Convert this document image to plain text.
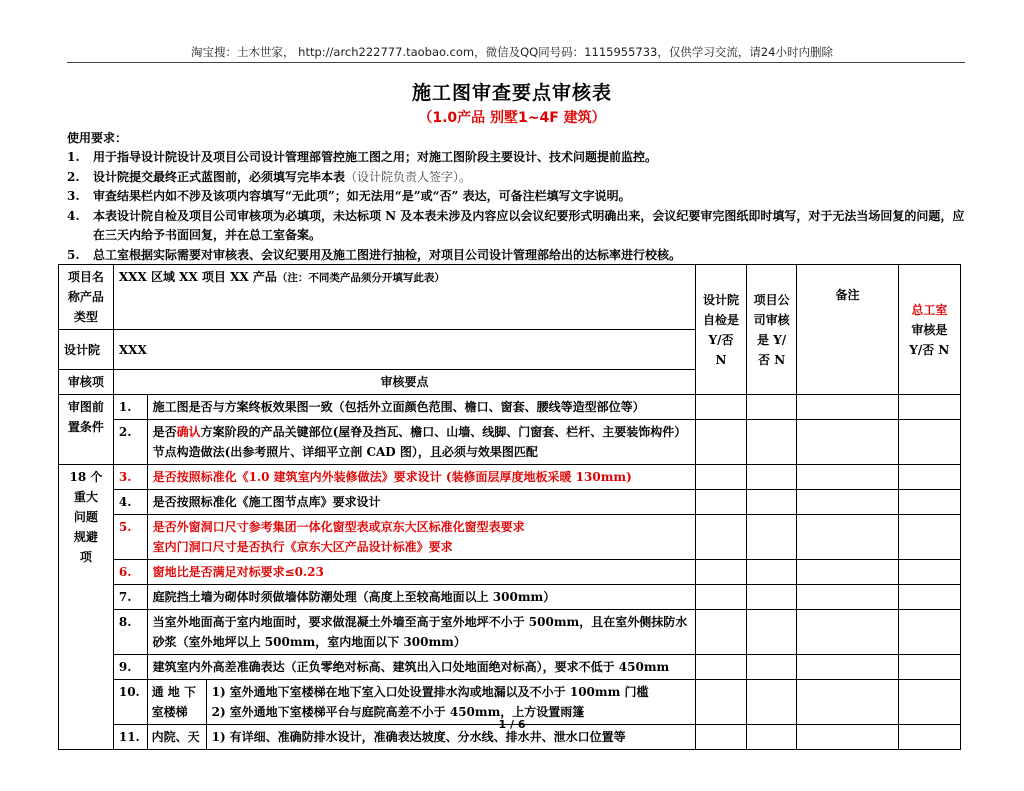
淘宝搜：土木世家， http://arch222777.taobao.com，微信及QQ同号码：1115955733，仅供学习交流，请24小时内删除
施工图审查要点审核表
（1.0产品 别墅1~4F 建筑）
使用要求：
1.	用于指导设计院设计及项目公司设计管理部管控施工图之用；对施工图阶段主要设计、技术问题提前监控。
2.	设计院提交最终正式蓝图前，必须填写完毕本表（设计院负责人签字）。
3.	审查结果栏内如不涉及该项内容填写“无此项”；如无法用“是”或“否” 表达，可备注栏填写文字说明。
4.	本表设计院自检及项目公司审核项为必填项，未达标项 N 及本表未涉及内容应以会议纪要形式明确出来，会议纪要审完图纸即时填写，对于无法当场回复的问题，应在三天内给予书面回复，并在总工室备案。
5.	总工室根据实际需要对审核表、会议纪要用及施工图进行抽检，对项目公司设计管理部给出的达标率进行校核。
项目名称产品类型	XXX 区域 XX 项目 XX 产品（注：不同类产品须分开填写此表）			设计院自检是 Y/否 N	项目公司审核是 Y/否 N	备注	总工室
审核是 Y/否 N
设计院	XXX						
审核项	审核要点						
审图前置条件	1.	施工图是否与方案终板效果图一致（包括外立面颜色范围、檐口、窗套、腰线等造型部位等）					
	2.	是否确认方案阶段的产品关键部位(屋脊及挡瓦、檐口、山墙、线脚、门窗套、栏杆、主要装饰构件）节点构造做法(出参考照片、详细平立剖 CAD 图），且必须与效果图匹配					
18 个重大问题规避项	3.	是否按照标准化《1.0 建筑室内外装修做法》要求设计 (装修面层厚度地板采暖 130mm)					
	4.	是否按照标准化《施工图节点库》要求设计					
	5.	是否外窗洞口尺寸参考集团一体化窗型表或京东大区标准化窗型表要求
室内门洞口尺寸是否执行《京东大区产品设计标准》要求					

	6.	窗地比是否满足对标要求≤0.23					
	7.	庭院挡土墙为砌体时须做墙体防潮处理（高度上至较高地面以上 300mm）					
	8.	当室外地面高于室内地面时，要求做混凝土外墙至高于室外地坪不小于 500mm，且在室外侧抹防水砂浆（室外地坪以上 500mm，室内地面以下 300mm）					
	9.	建筑室内外高差准确表达（正负零绝对标高、建筑出入口处地面绝对标高），要求不低于 450mm					
	10.	通 地 下室楼梯	1) 室外通地下室楼梯在地下室入口处设置排水沟或地漏以及不小于 100mm 门槛
2) 室外通地下室楼梯平台与庭院高差不小于 450mm，上方设置雨篷				

	11.	内院、天	1) 有详细、准确防排水设计，准确表达坡度、分水线、排水井、泄水口位置等				

1 / 6
